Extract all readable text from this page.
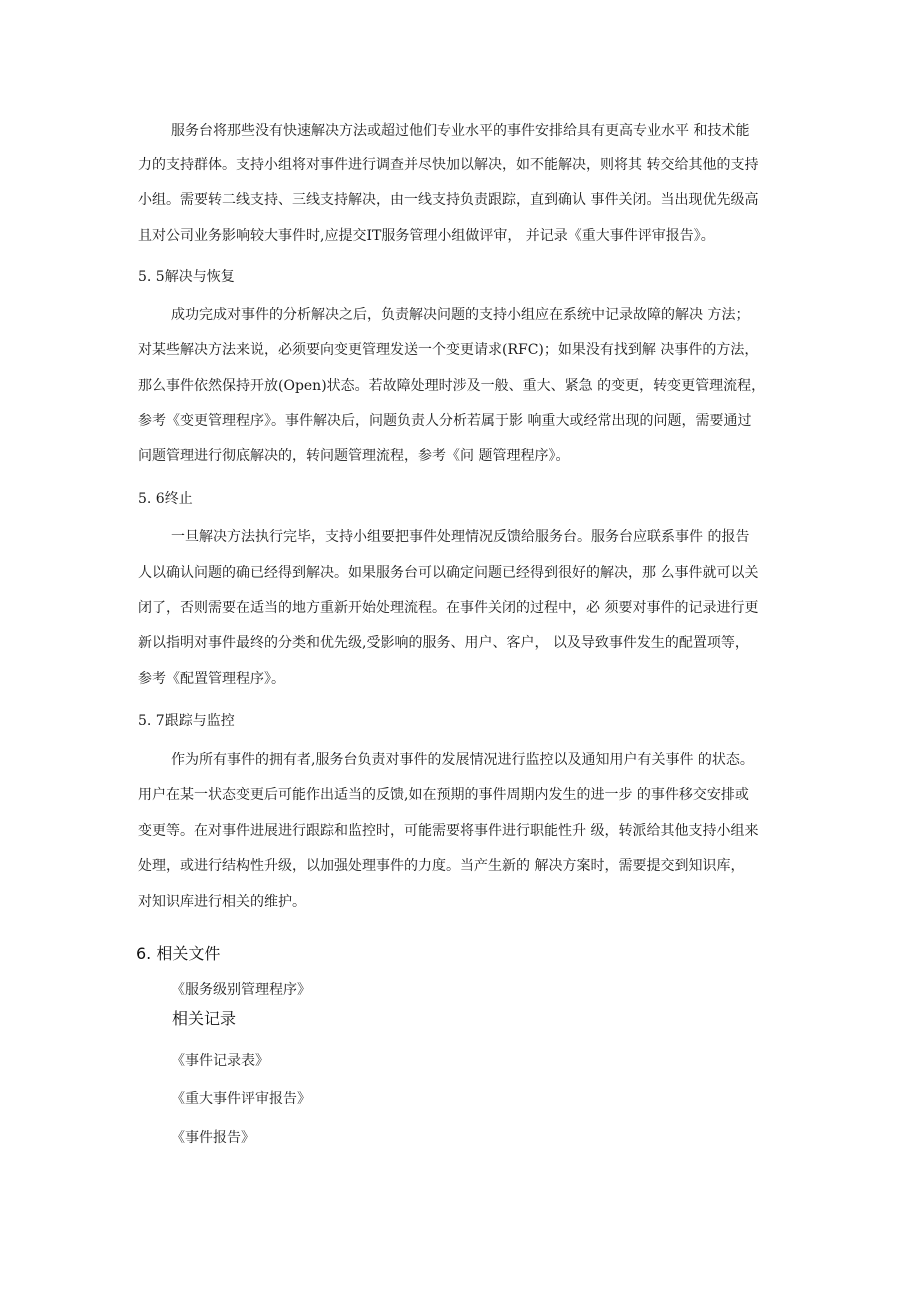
服务台将那些没有快速解决方法或超过他们专业水平的事件安排给具有更高专业水平 和技术能
力的支持群体。支持小组将对事件进行调查并尽快加以解决，如不能解决，则将其 转交给其他的支持
小组。需要转二线支持、三线支持解决，由一线支持负责跟踪，直到确认 事件关闭。当出现优先级高
且对公司业务影响较大事件时,应提交IT服务管理小组做评审， 并记录《重大事件评审报告》。
5. 5解决与恢复
成功完成对事件的分析解决之后，负责解决问题的支持小组应在系统中记录故障的解决 方法；
对某些解决方法来说，必须要向变更管理发送一个变更请求(RFC)；如果没有找到解 决事件的方法，
那么事件依然保持开放(Open)状态。若故障处理时涉及一般、重大、紧急 的变更，转变更管理流程，
参考《变更管理程序》。事件解决后，问题负责人分析若属于影 响重大或经常出现的问题，需要通过
问题管理进行彻底解决的，转问题管理流程，参考《问 题管理程序》。
5. 6终止
一旦解决方法执行完毕，支持小组要把事件处理情况反馈给服务台。服务台应联系事件 的报告
人以确认问题的确已经得到解决。如果服务台可以确定问题已经得到很好的解决，那 么事件就可以关
闭了，否则需要在适当的地方重新开始处理流程。在事件关闭的过程中，必 须要对事件的记录进行更
新以指明对事件最终的分类和优先级,受影响的服务、用户、客户， 以及导致事件发生的配置项等，
参考《配置管理程序》。
5. 7跟踪与监控
作为所有事件的拥有者,服务台负责对事件的发展情况进行监控以及通知用户有关事件 的状态。
用户在某一状态变更后可能作出适当的反馈,如在预期的事件周期内发生的进一步 的事件移交安排或
变更等。在对事件进展进行跟踪和监控时，可能需要将事件进行职能性升 级，转派给其他支持小组来
处理，或进行结构性升级，以加强处理事件的力度。当产生新的 解决方案时，需要提交到知识库，
对知识库进行相关的维护。
6. 相关文件
《服务级别管理程序》
相关记录
《事件记录表》
《重大事件评审报告》
《事件报告》
